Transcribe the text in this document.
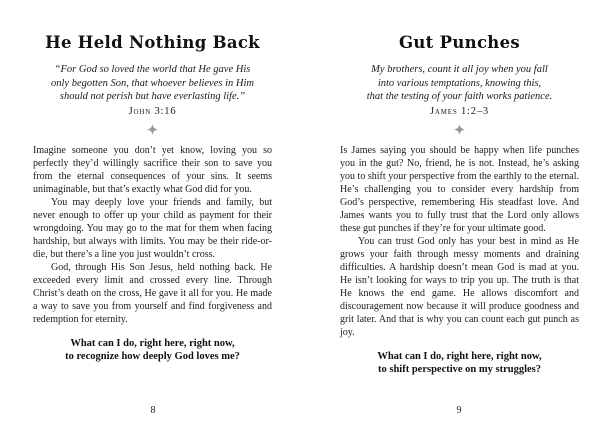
He Held Nothing Back
“For God so loved the world that He gave His
only begotten Son, that whoever believes in Him
should not perish but have everlasting life.”
John 3:16

Imagine someone you don’t yet know, loving you so perfectly they’d willingly sacrifice their son to save you from the eternal consequences of your sins. It seems unimaginable, but that’s exactly what God did for you.

You may deeply love your friends and family, but never enough to offer up your child as payment for their wrongdoing. You may go to the mat for them when facing hardship, but always with limits. You may be their ride-or-die, but there’s a line you just wouldn’t cross.

God, through His Son Jesus, held nothing back. He exceeded every limit and crossed every line. Through Christ’s death on the cross, He gave it all for you. He made a way to save you from yourself and find forgiveness and redemption for eternity.

What can I do, right here, right now,
to recognize how deeply God loves me?
8
Gut Punches
My brothers, count it all joy when you fall
into various temptations, knowing this,
that the testing of your faith works patience.
James 1:2–3

Is James saying you should be happy when life punches you in the gut? No, friend, he is not. Instead, he’s asking you to shift your perspective from the earthly to the eternal. He’s challenging you to consider every hardship from God’s perspective, remembering His steadfast love. And James wants you to fully trust that the Lord only allows these gut punches if they’re for your ultimate good.

You can trust God only has your best in mind as He grows your faith through messy moments and draining difficulties. A hardship doesn’t mean God is mad at you. He isn’t looking for ways to trip you up. The truth is that He knows the end game. He allows discomfort and discouragement now because it will produce goodness and grit later. And that is why you can count each gut punch as joy.

What can I do, right here, right now,
to shift perspective on my struggles?
9
